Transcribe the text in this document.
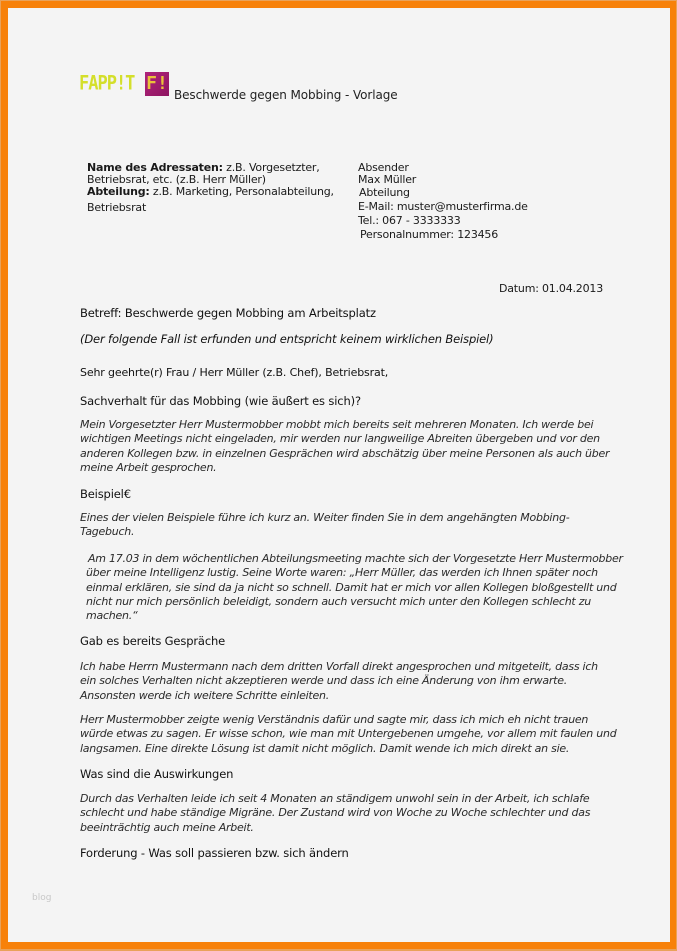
FAPP!T F!
Beschwerde gegen Mobbing - Vorlage
Name des Adressaten: z.B. Vorgesetzter,
Betriebsrat, etc. (z.B. Herr Müller)
Abteilung: z.B. Marketing, Personalabteilung,
Betriebsrat
Absender
Max Müller
Abteilung
E-Mail: muster@musterfirma.de
Tel.: 067 - 3333333
Personalnummer: 123456
Datum: 01.04.2013
Betreff: Beschwerde gegen Mobbing am Arbeitsplatz
(Der folgende Fall ist erfunden und entspricht keinem wirklichen Beispiel)
Sehr geehrte(r) Frau / Herr Müller (z.B. Chef), Betriebsrat,
Sachverhalt für das Mobbing (wie äußert es sich)?
Mein Vorgesetzter Herr Mustermobber mobbt mich bereits seit mehreren Monaten. Ich werde bei
wichtigen Meetings nicht eingeladen, mir werden nur langweilige Abreiten übergeben und vor den
anderen Kollegen bzw. in einzelnen Gesprächen wird abschätzig über meine Personen als auch über
meine Arbeit gesprochen.
Beispiel€
Eines der vielen Beispiele führe ich kurz an. Weiter finden Sie in dem angehängten Mobbing-
Tagebuch.
Am 17.03 in dem wöchentlichen Abteilungsmeeting machte sich der Vorgesetzte Herr Mustermobber
über meine Intelligenz lustig. Seine Worte waren: „Herr Müller, das werden ich Ihnen später noch
einmal erklären, sie sind da ja nicht so schnell. Damit hat er mich vor allen Kollegen bloßgestellt und
nicht nur mich persönlich beleidigt, sondern auch versucht mich unter den Kollegen schlecht zu
machen.“
Gab es bereits Gespräche
Ich habe Herrn Mustermann nach dem dritten Vorfall direkt angesprochen und mitgeteilt, dass ich
ein solches Verhalten nicht akzeptieren werde und dass ich eine Änderung von ihm erwarte.
Ansonsten werde ich weitere Schritte einleiten.
Herr Mustermobber zeigte wenig Verständnis dafür und sagte mir, dass ich mich eh nicht trauen
würde etwas zu sagen. Er wisse schon, wie man mit Untergebenen umgehe, vor allem mit faulen und
langsamen. Eine direkte Lösung ist damit nicht möglich. Damit wende ich mich direkt an sie.
Was sind die Auswirkungen
Durch das Verhalten leide ich seit 4 Monaten an ständigem unwohl sein in der Arbeit, ich schlafe
schlecht und habe ständige Migräne. Der Zustand wird von Woche zu Woche schlechter und das
beeinträchtig auch meine Arbeit.
Forderung - Was soll passieren bzw. sich ändern
blog
